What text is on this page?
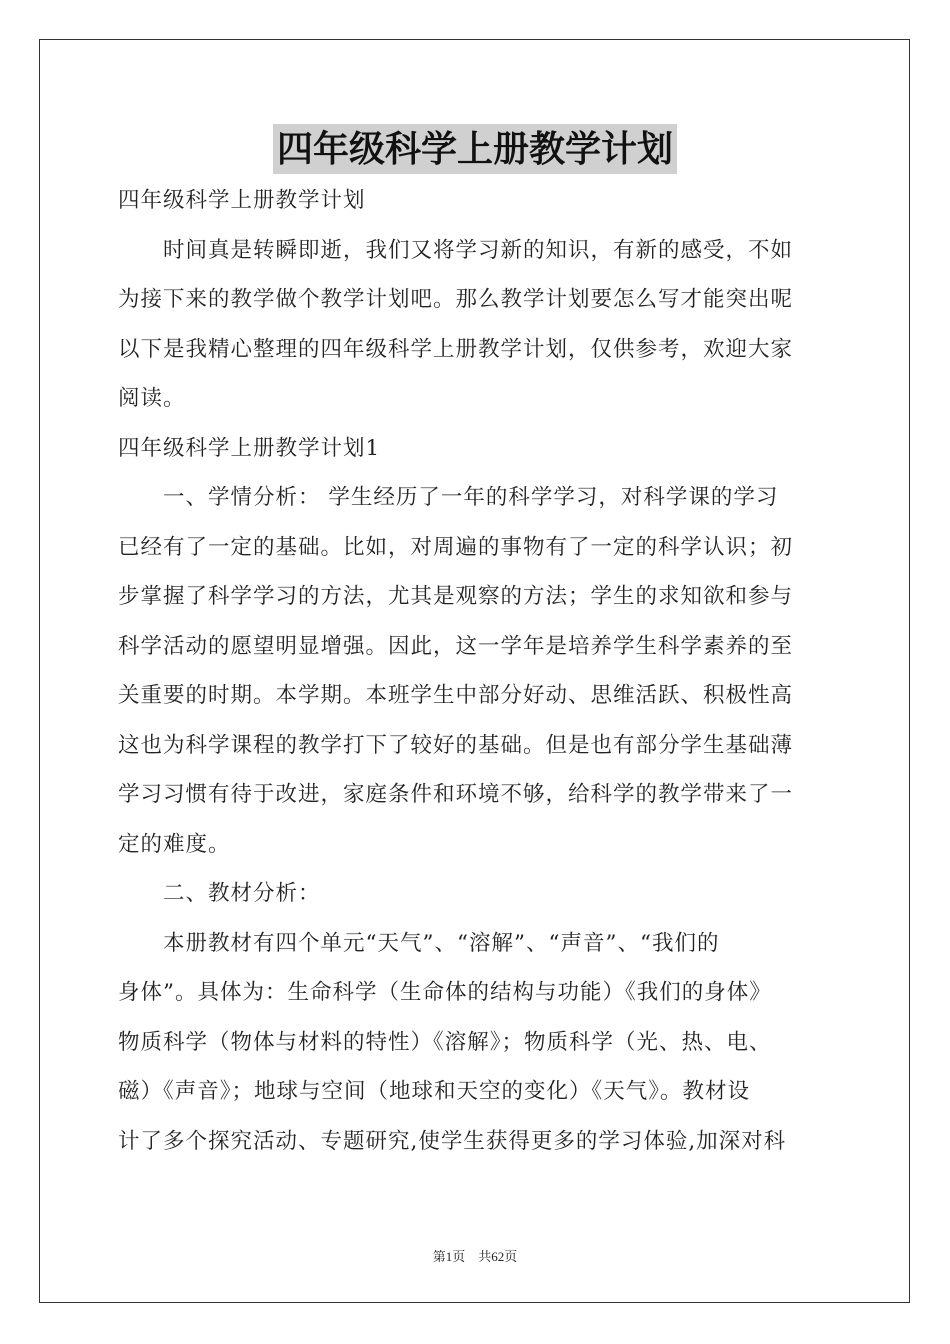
四年级科学上册教学计划
四年级科学上册教学计划
　　时间真是转瞬即逝，我们又将学习新的知识，有新的感受，不如
为接下来的教学做个教学计划吧。那么教学计划要怎么写才能突出呢
以下是我精心整理的四年级科学上册教学计划，仅供参考，欢迎大家
阅读。
四年级科学上册教学计划1
　　一、学情分析： 学生经历了一年的科学学习，对科学课的学习
已经有了一定的基础。比如，对周遍的事物有了一定的科学认识；初
步掌握了科学学习的方法，尤其是观察的方法；学生的求知欲和参与
科学活动的愿望明显增强。因此，这一学年是培养学生科学素养的至
关重要的时期。本学期。本班学生中部分好动、思维活跃、积极性高
这也为科学课程的教学打下了较好的基础。但是也有部分学生基础薄
学习习惯有待于改进，家庭条件和环境不够，给科学的教学带来了一
定的难度。
　　二、教材分析：
　　本册教材有四个单元“天气”、“溶解”、“声音”、“我们的
身体”。具体为：生命科学（生命体的结构与功能）《我们的身体》
物质科学（物体与材料的特性）《溶解》；物质科学（光、热、电、
磁）《声音》；地球与空间（地球和天空的变化）《天气》。教材设
计了多个探究活动、专题研究,使学生获得更多的学习体验,加深对科
第1页　共62页
